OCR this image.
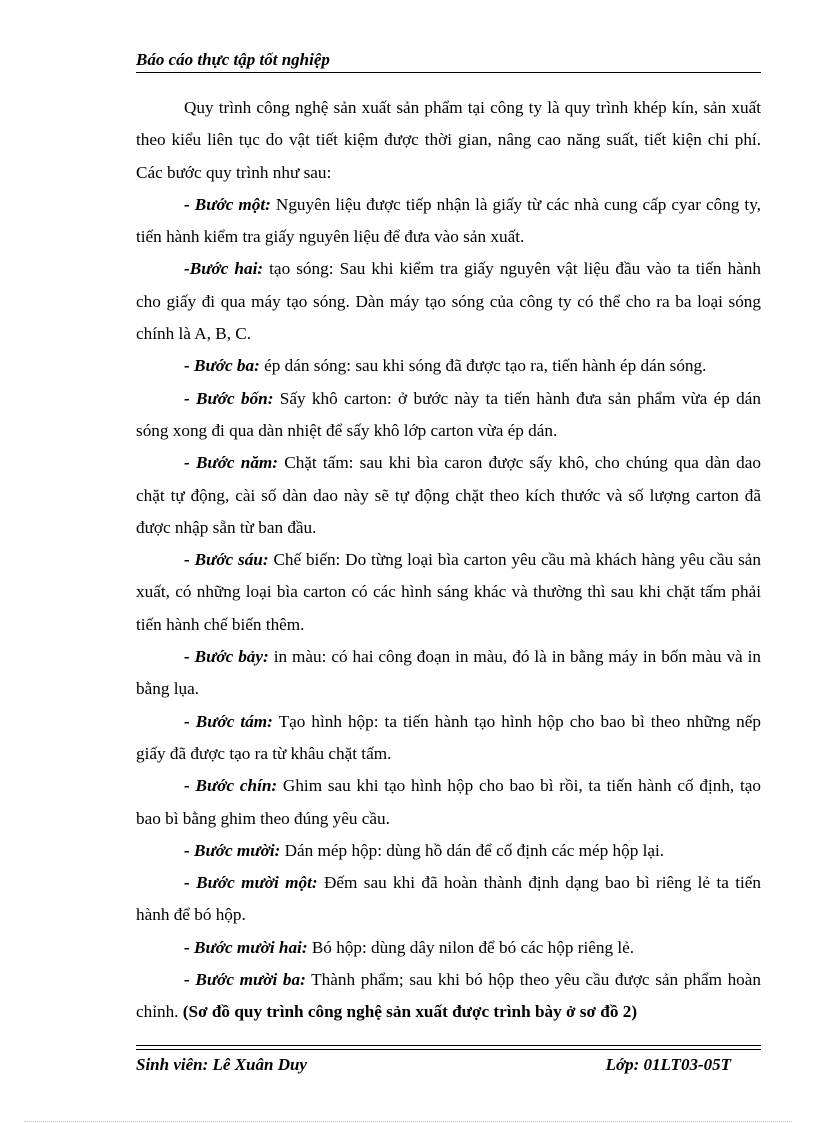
Báo cáo thực tập tốt nghiệp

Quy trình công nghệ sản xuất sản phẩm tại công ty là quy trình khép kín, sản xuất theo kiểu liên tục do vật tiết kiệm được thời gian, nâng cao năng suất, tiết kiện chi phí. Các bước quy trình như sau:

- Bước một: Nguyên liệu được tiếp nhận là giấy từ các nhà cung cấp cyar công ty, tiến hành kiểm tra giấy nguyên liệu để đưa vào sản xuất.

-Bước hai: tạo sóng: Sau khi kiểm tra giấy nguyên vật liệu đầu vào ta tiến hành cho giấy đi qua máy tạo sóng. Dàn máy tạo sóng của công ty có thể cho ra ba loại sóng chính là A, B, C.

- Bước ba: ép dán sóng: sau khi sóng đã được tạo ra, tiến hành ép dán sóng.

- Bước bốn: Sấy khô carton: ở bước này ta tiến hành đưa sản phẩm vừa ép dán sóng xong đi qua dàn nhiệt để sấy khô lớp carton vừa ép dán.

- Bước năm: Chặt tấm: sau khi bìa caron được sấy khô, cho chúng qua dàn dao chặt tự động, cài số dàn dao này sẽ tự động chặt theo kích thước và số lượng carton đã được nhập sẵn từ ban đầu.

- Bước sáu: Chế biến: Do từng loại bìa carton yêu cầu mà khách hàng yêu cầu sản xuất, có những loại bìa carton có các hình sáng khác và thường thì sau khi chặt tấm phải tiến hành chế biến thêm.

- Bước bảy: in màu: có hai công đoạn in màu, đó là in bằng máy in bốn màu và in bằng lụa.

- Bước tám: Tạo hình hộp: ta tiến hành tạo hình hộp cho bao bì theo những nếp giấy đã được tạo ra từ khâu chặt tấm.

- Bước chín: Ghim sau khi tạo hình hộp cho bao bì rồi, ta tiến hành cố định, tạo bao bì bằng ghim theo đúng yêu cầu.

- Bước mười: Dán mép hộp: dùng hồ dán để cố định các mép hộp lại.

- Bước mười một: Đếm sau khi đã hoàn thành định dạng bao bì riêng lẻ ta tiến hành để bó hộp.

- Bước mười hai: Bó hộp: dùng dây nilon để bó các hộp riêng lẻ.

- Bước mười ba: Thành phẩm; sau khi bó hộp theo yêu cầu được sản phẩm hoàn chỉnh. (Sơ đồ quy trình công nghệ sản xuất được trình bày ở sơ đồ 2)

Sinh viên: Lê Xuân Duy	Lớp: 01LT03-05T
